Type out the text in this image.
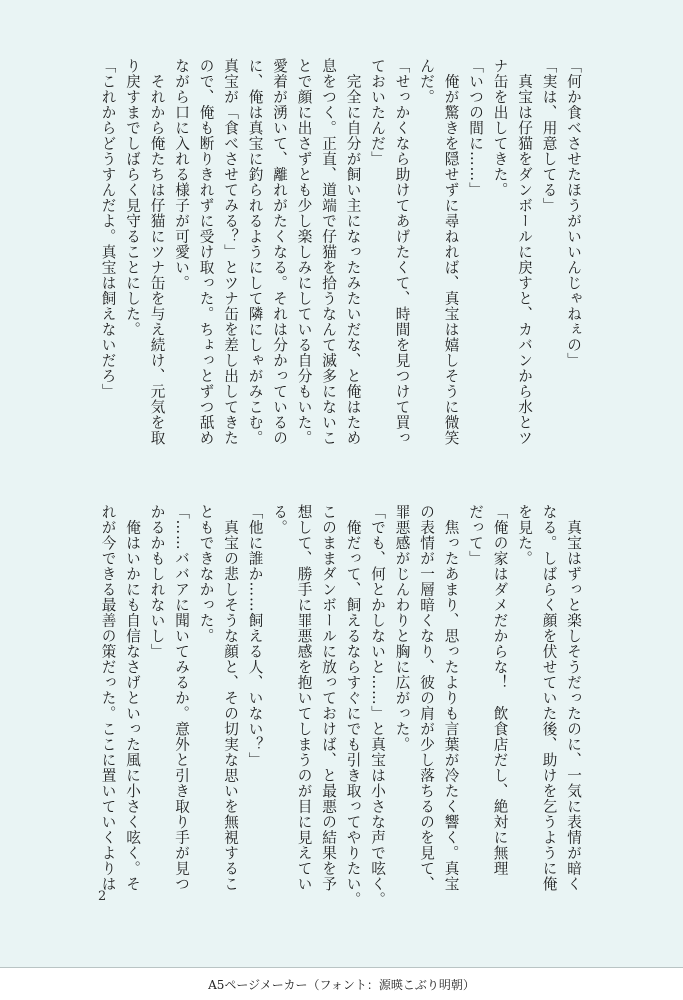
「何か食べさせたほうがいいんじゃねぇの」
「実は、用意してる」
　真宝は仔猫をダンボールに戻すと、カバンから水とツ
ナ缶を出してきた。
「いつの間に……」
　俺が驚きを隠せずに尋ねれば、真宝は嬉しそうに微笑
んだ。
「せっかくなら助けてあげたくて、時間を見つけて買っ
ておいたんだ」
　完全に自分が飼い主になったみたいだな、と俺はため
息をつく。正直、道端で仔猫を拾うなんて滅多にないこ
とで顔に出さずとも少し楽しみにしている自分もいた。
愛着が湧いて、離れがたくなる。それは分かっているの
に、俺は真宝に釣られるようにして隣にしゃがみこむ。
真宝が「食べさせてみる？」とツナ缶を差し出してきた
ので、俺も断りきれずに受け取った。ちょっとずつ舐め
ながら口に入れる様子が可愛い。
　それから俺たちは仔猫にツナ缶を与え続け、元気を取
り戻すまでしばらく見守ることにした。
「これからどうすんだよ。真宝は飼えないだろ」
　真宝はずっと楽しそうだったのに、一気に表情が暗く
なる。しばらく顔を伏せていた後、助けを乞うように俺
を見た。
「俺の家はダメだからな！　飲食店だし、絶対に無理
だって」
　焦ったあまり、思ったよりも言葉が冷たく響く。真宝
の表情が一層暗くなり、彼の肩が少し落ちるのを見て、
罪悪感がじんわりと胸に広がった。
「でも、何とかしないと……」と真宝は小さな声で呟く。
　俺だって、飼えるならすぐにでも引き取ってやりたい。
このままダンボールに放っておけば、と最悪の結果を予
想して、勝手に罪悪感を抱いてしまうのが目に見えてい
る。
「他に誰か……飼える人、いない？」
　真宝の悲しそうな顔と、その切実な思いを無視するこ
ともできなかった。
「……ババアに聞いてみるか。意外と引き取り手が見つ
かるかもしれないし」
　俺はいかにも自信なさげといった風に小さく呟く。そ
れが今できる最善の策だった。ここに置いていくよりは
2
A5ページメーカー（フォント：源暎こぶり明朝）
